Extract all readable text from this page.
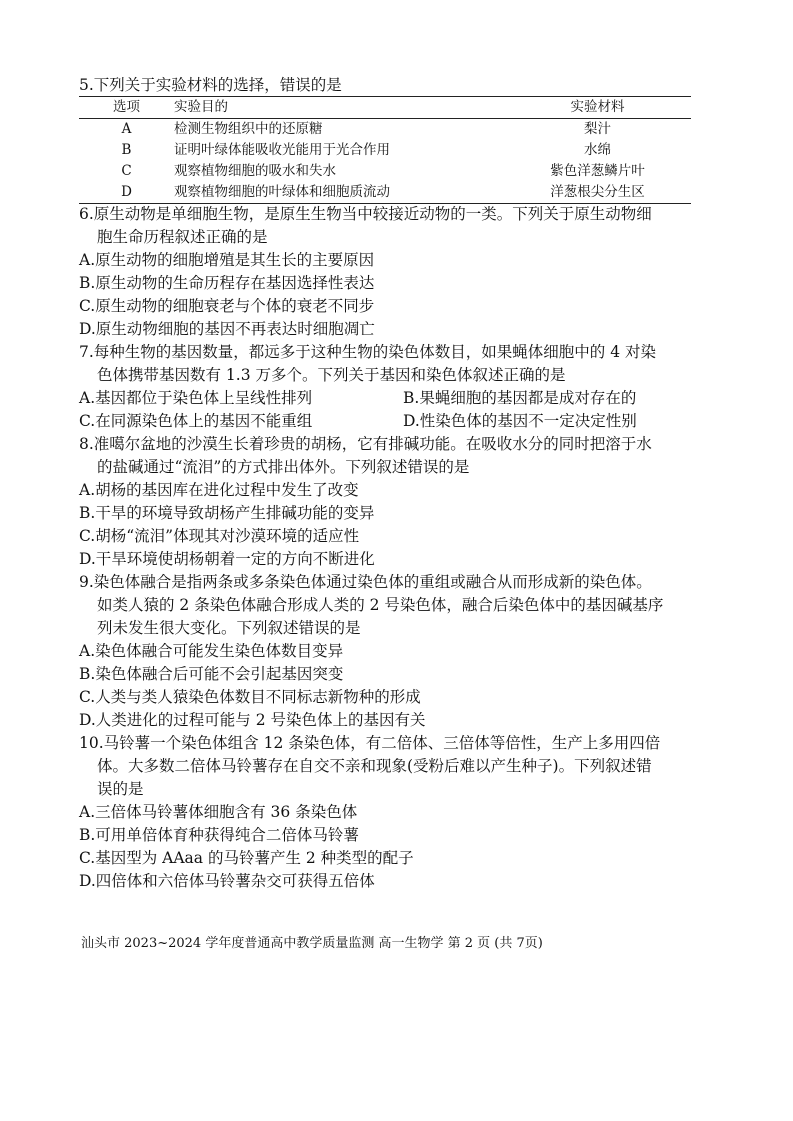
5.下列关于实验材料的选择，错误的是
选项	实验目的	实验材料
A	检测生物组织中的还原糖	梨汁
B	证明叶绿体能吸收光能用于光合作用	水绵
C	观察植物细胞的吸水和失水	紫色洋葱鳞片叶
D	观察植物细胞的叶绿体和细胞质流动	洋葱根尖分生区
6.原生动物是单细胞生物，是原生生物当中较接近动物的一类。下列关于原生动物细
胞生命历程叙述正确的是
A.原生动物的细胞增殖是其生长的主要原因
B.原生动物的生命历程存在基因选择性表达
C.原生动物的细胞衰老与个体的衰老不同步
D.原生动物细胞的基因不再表达时细胞凋亡
7.每种生物的基因数量，都远多于这种生物的染色体数目，如果蝇体细胞中的 4 对染
色体携带基因数有 1.3 万多个。下列关于基因和染色体叙述正确的是
A.基因都位于染色体上呈线性排列	B.果蝇细胞的基因都是成对存在的
C.在同源染色体上的基因不能重组	D.性染色体的基因不一定决定性别
8.准噶尔盆地的沙漠生长着珍贵的胡杨，它有排碱功能。在吸收水分的同时把溶于水
的盐碱通过“流泪”的方式排出体外。下列叙述错误的是
A.胡杨的基因库在进化过程中发生了改变
B.干旱的环境导致胡杨产生排碱功能的变异
C.胡杨“流泪”体现其对沙漠环境的适应性
D.干旱环境使胡杨朝着一定的方向不断进化
9.染色体融合是指两条或多条染色体通过染色体的重组或融合从而形成新的染色体。
如类人猿的 2 条染色体融合形成人类的 2 号染色体，融合后染色体中的基因碱基序
列未发生很大变化。下列叙述错误的是
A.染色体融合可能发生染色体数目变异
B.染色体融合后可能不会引起基因突变
C.人类与类人猿染色体数目不同标志新物种的形成
D.人类进化的过程可能与 2 号染色体上的基因有关
10.马铃薯一个染色体组含 12 条染色体，有二倍体、三倍体等倍性，生产上多用四倍
体。大多数二倍体马铃薯存在自交不亲和现象(受粉后难以产生种子)。下列叙述错
误的是
A.三倍体马铃薯体细胞含有 36 条染色体
B.可用单倍体育种获得纯合二倍体马铃薯
C.基因型为 AAaa 的马铃薯产生 2 种类型的配子
D.四倍体和六倍体马铃薯杂交可获得五倍体
汕头市 2023~2024 学年度普通高中教学质量监测 高一生物学 第 2 页 (共 7页)
